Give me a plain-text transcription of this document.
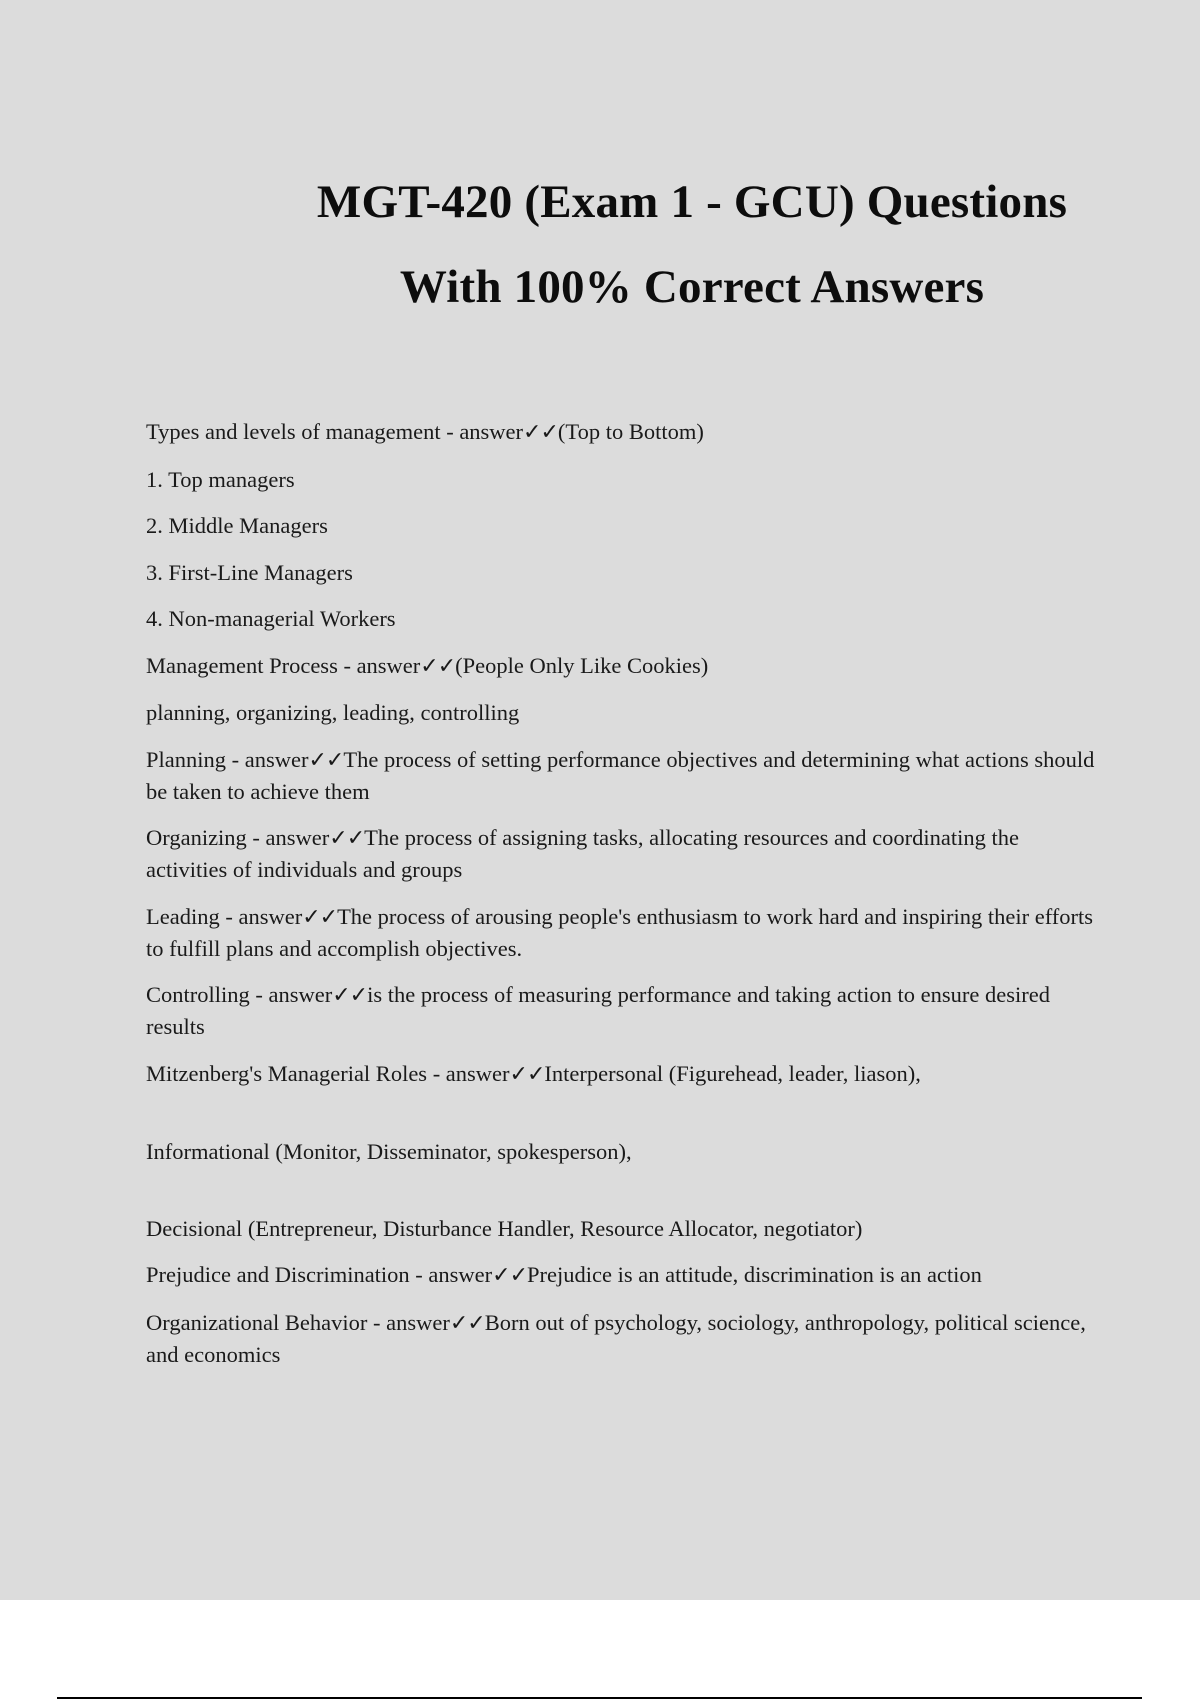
MGT-420 (Exam 1 - GCU) Questions

With 100% Correct Answers

Types and levels of management - answer✓✓(Top to Bottom)

1. Top managers

2. Middle Managers

3. First-Line Managers

4. Non-managerial Workers

Management Process - answer✓✓(People Only Like Cookies)

planning, organizing, leading, controlling

Planning - answer✓✓The process of setting performance objectives and determining what actions should be taken to achieve them

Organizing - answer✓✓The process of assigning tasks, allocating resources and coordinating the activities of individuals and groups

Leading - answer✓✓The process of arousing people's enthusiasm to work hard and inspiring their efforts to fulfill plans and accomplish objectives.

Controlling - answer✓✓is the process of measuring performance and taking action to ensure desired results

Mitzenberg's Managerial Roles - answer✓✓Interpersonal (Figurehead, leader, liason),

Informational (Monitor, Disseminator, spokesperson),

Decisional (Entrepreneur, Disturbance Handler, Resource Allocator, negotiator)

Prejudice and Discrimination - answer✓✓Prejudice is an attitude, discrimination is an action

Organizational Behavior - answer✓✓Born out of psychology, sociology, anthropology, political science, and economics
